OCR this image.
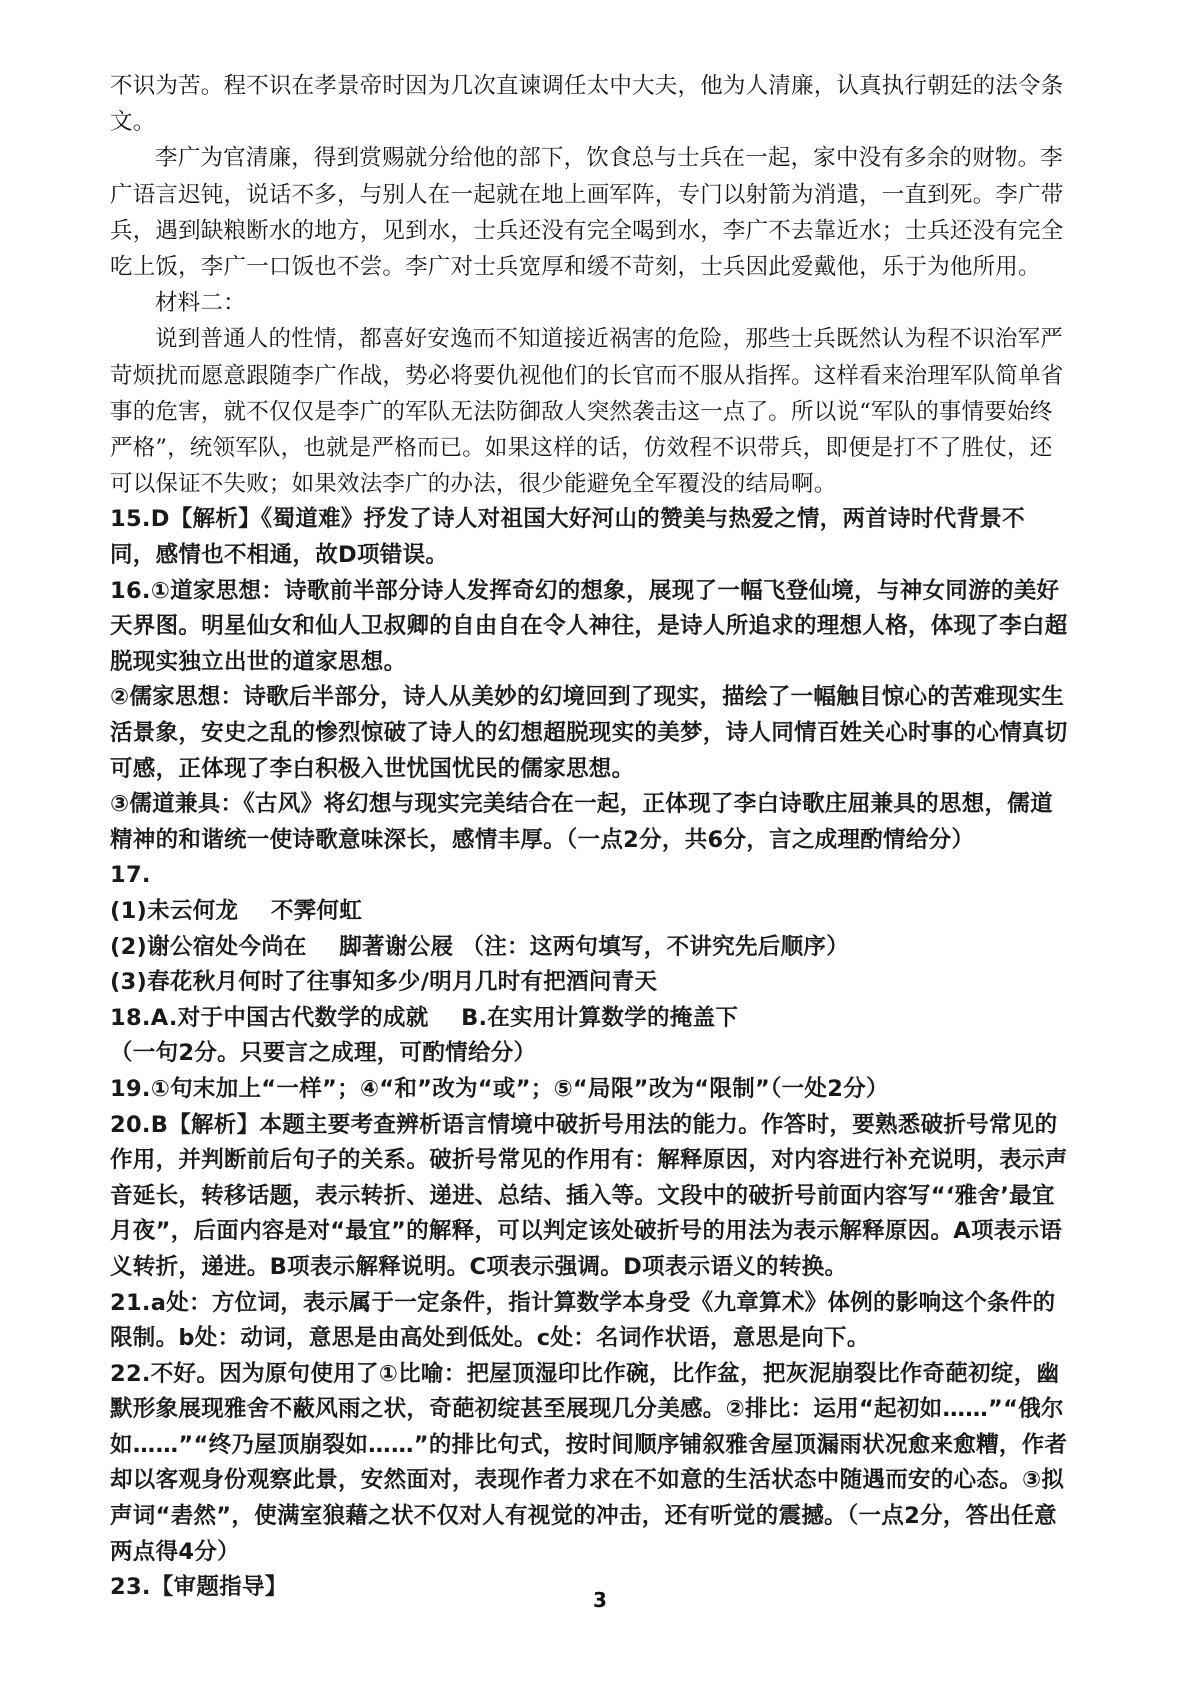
不识为苦。程不识在孝景帝时因为几次直谏调任太中大夫，他为人清廉，认真执行朝廷的法令条文。

李广为官清廉，得到赏赐就分给他的部下，饮食总与士兵在一起，家中没有多余的财物。李广语言迟钝，说话不多，与别人在一起就在地上画军阵，专门以射箭为消遣，一直到死。李广带兵，遇到缺粮断水的地方，见到水，士兵还没有完全喝到水，李广不去靠近水；士兵还没有完全吃上饭，李广一口饭也不尝。李广对士兵宽厚和缓不苛刻，士兵因此爱戴他，乐于为他所用。

材料二：

说到普通人的性情，都喜好安逸而不知道接近祸害的危险，那些士兵既然认为程不识治军严苛烦扰而愿意跟随李广作战，势必将要仇视他们的长官而不服从指挥。这样看来治理军队简单省事的危害，就不仅仅是李广的军队无法防御敌人突然袭击这一点了。所以说“军队的事情要始终严格”，统领军队，也就是严格而已。如果这样的话，仿效程不识带兵，即便是打不了胜仗，还可以保证不失败；如果效法李广的办法，很少能避免全军覆没的结局啊。

15.D【解析】《蜀道难》抒发了诗人对祖国大好河山的赞美与热爱之情，两首诗时代背景不同，感情也不相通，故D项错误。

16.①道家思想：诗歌前半部分诗人发挥奇幻的想象，展现了一幅飞登仙境，与神女同游的美好天界图。明星仙女和仙人卫叔卿的自由自在令人神往，是诗人所追求的理想人格，体现了李白超脱现实独立出世的道家思想。

②儒家思想：诗歌后半部分，诗人从美妙的幻境回到了现实，描绘了一幅触目惊心的苦难现实生活景象，安史之乱的惨烈惊破了诗人的幻想超脱现实的美梦，诗人同情百姓关心时事的心情真切可感，正体现了李白积极入世忧国忧民的儒家思想。

③儒道兼具：《古风》将幻想与现实完美结合在一起，正体现了李白诗歌庄屈兼具的思想，儒道精神的和谐统一使诗歌意味深长，感情丰厚。（一点2分，共6分，言之成理酌情给分）

17.

(1)未云何龙    不霁何虹

(2)谢公宿处今尚在    脚著谢公屐 （注：这两句填写，不讲究先后顺序）

(3)春花秋月何时了往事知多少/明月几时有把酒问青天

18.A.对于中国古代数学的成就    B.在实用计算数学的掩盖下

（一句2分。只要言之成理，可酌情给分）

19.①句末加上“一样”；④“和”改为“或”；⑤“局限”改为“限制”（一处2分）

20.B【解析】本题主要考查辨析语言情境中破折号用法的能力。作答时，要熟悉破折号常见的作用，并判断前后句子的关系。破折号常见的作用有：解释原因，对内容进行补充说明，表示声音延长，转移话题，表示转折、递进、总结、插入等。文段中的破折号前面内容写“‘雅舍’最宜月夜”，后面内容是对“最宜”的解释，可以判定该处破折号的用法为表示解释原因。A项表示语义转折，递进。B项表示解释说明。C项表示强调。D项表示语义的转换。

21.a处：方位词，表示属于一定条件，指计算数学本身受《九章算术》体例的影响这个条件的限制。b处：动词，意思是由高处到低处。c处：名词作状语，意思是向下。

22.不好。因为原句使用了①比喻：把屋顶湿印比作碗，比作盆，把灰泥崩裂比作奇葩初绽，幽默形象展现雅舍不蔽风雨之状，奇葩初绽甚至展现几分美感。②排比：运用“起初如……”“俄尔如……”“终乃屋顶崩裂如……”的排比句式，按时间顺序铺叙雅舍屋顶漏雨状况愈来愈糟，作者却以客观身份观察此景，安然面对，表现作者力求在不如意的生活状态中随遇而安的心态。③拟声词“砉然”，使满室狼藉之状不仅对人有视觉的冲击，还有听觉的震撼。（一点2分，答出任意两点得4分）

23.【审题指导】	3
